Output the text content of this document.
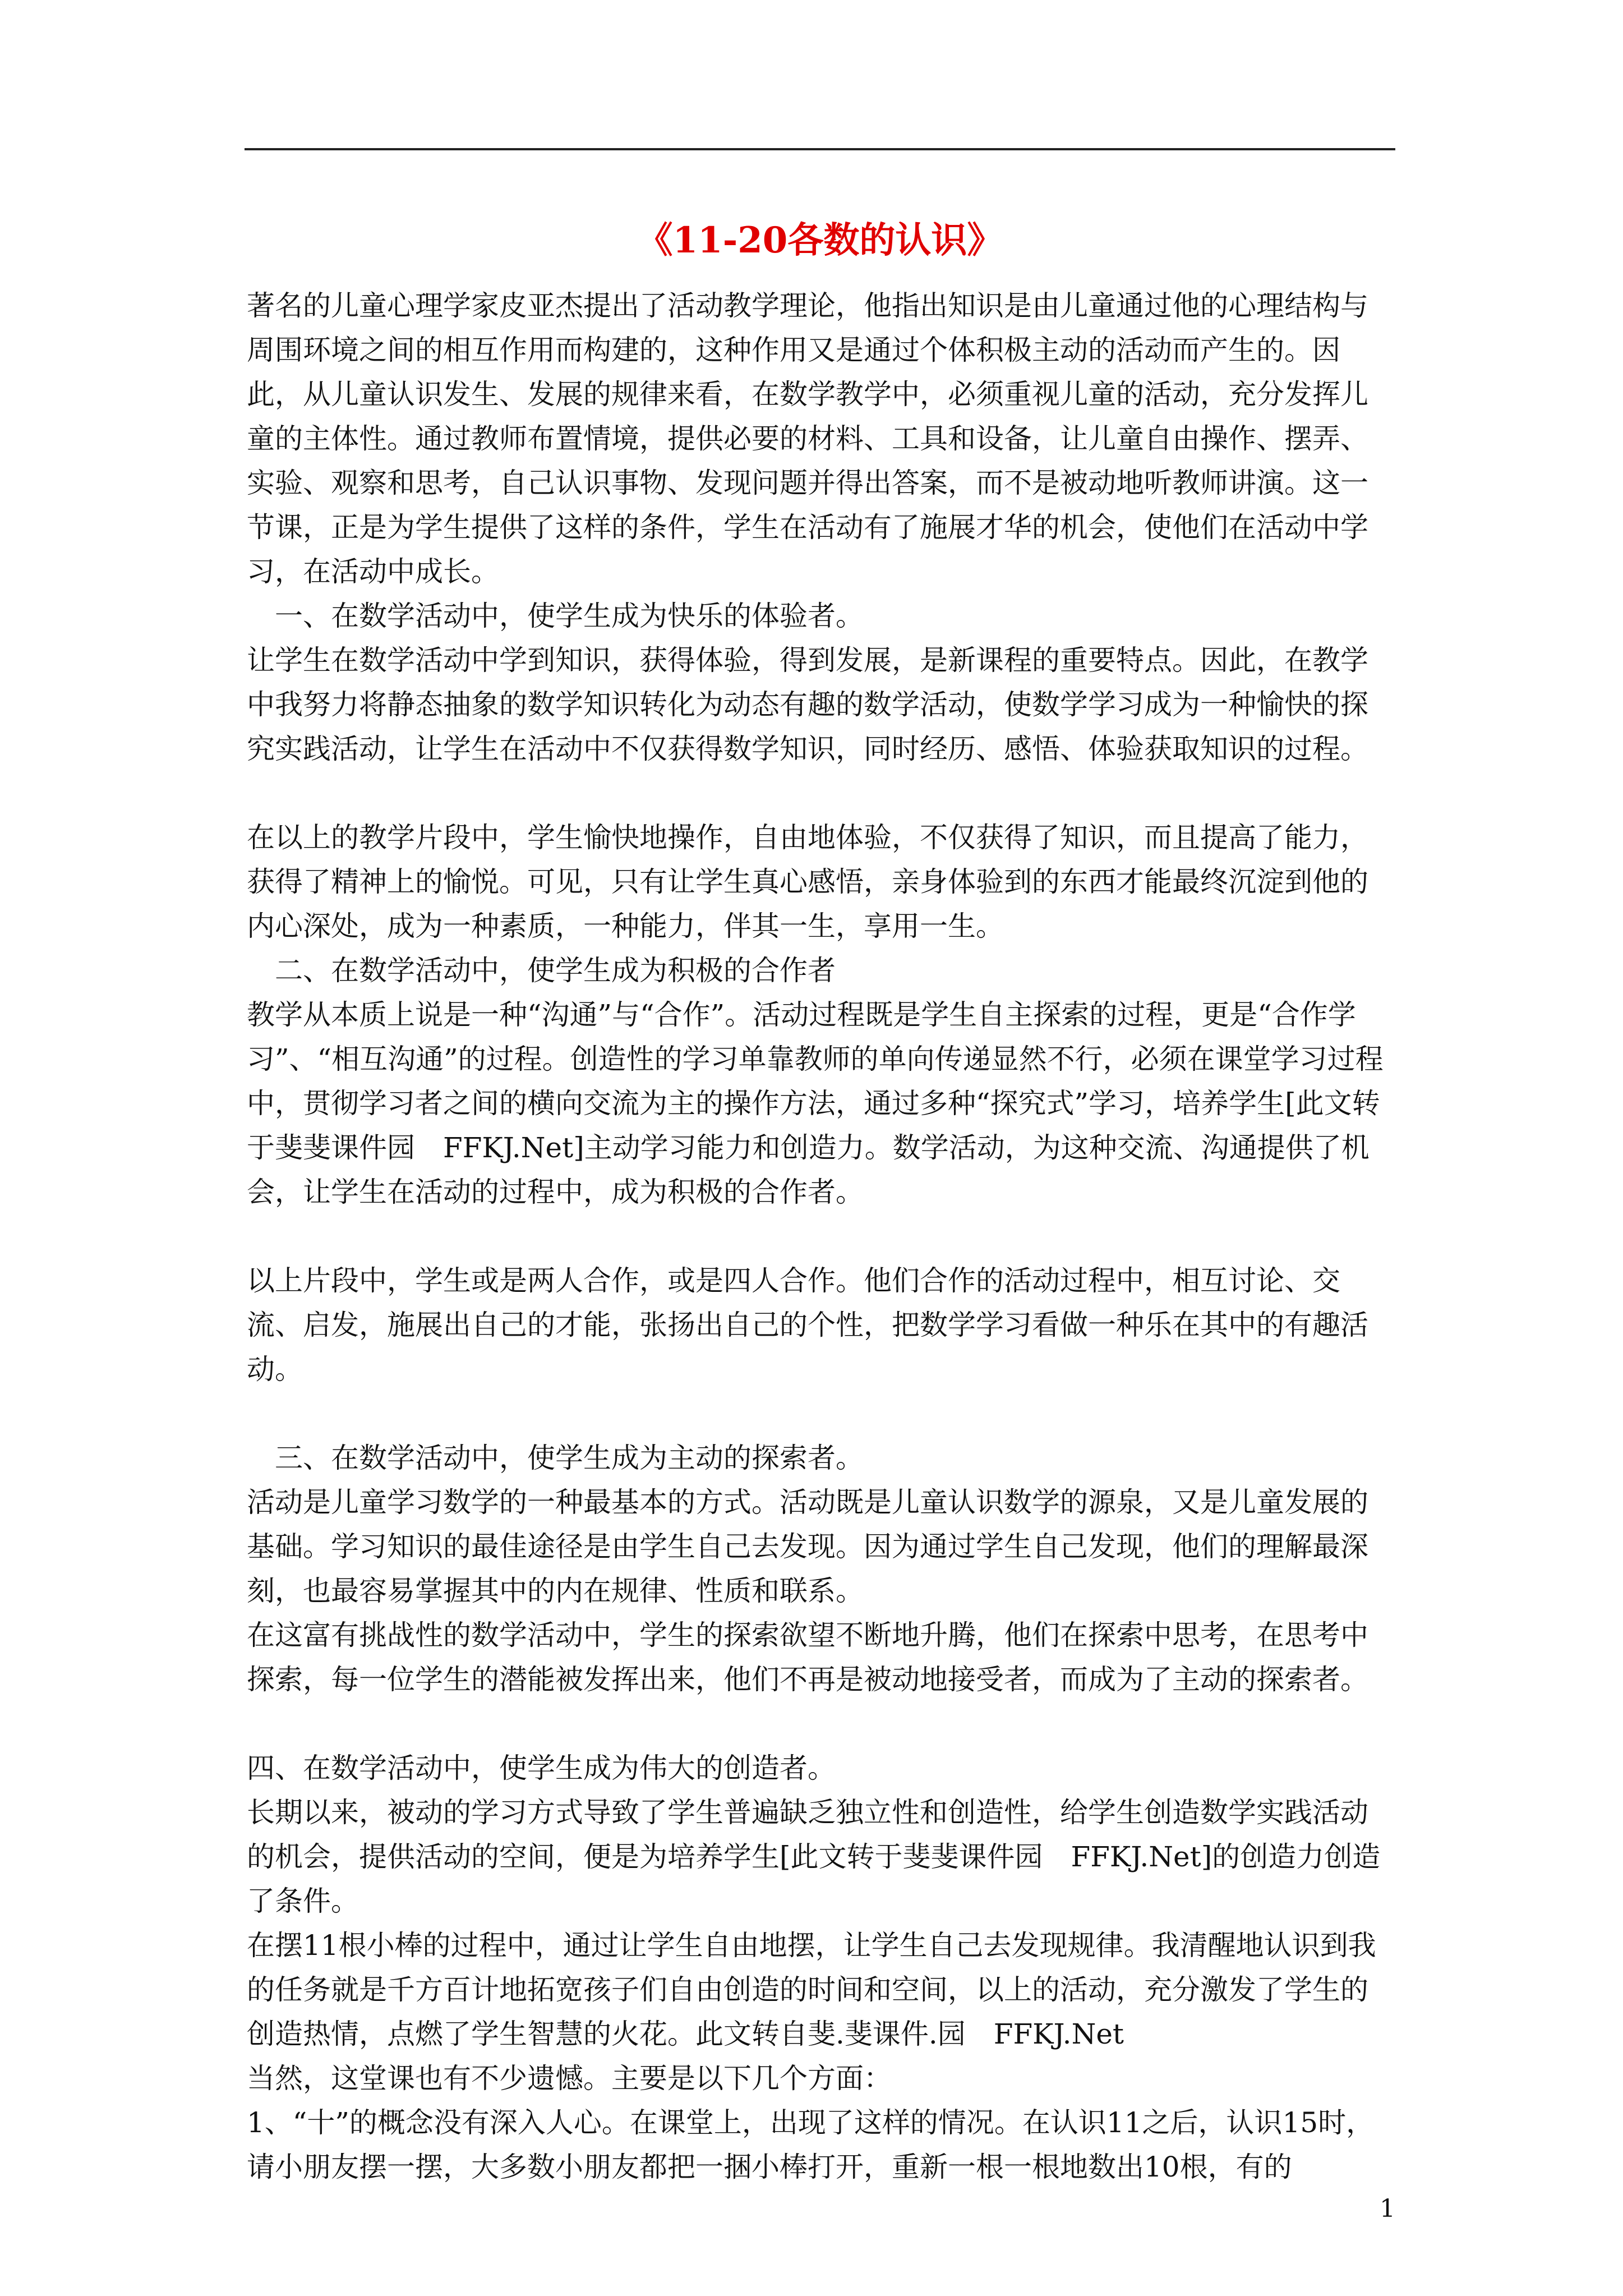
《11-20各数的认识》

著名的儿童心理学家皮亚杰提出了活动教学理论，他指出知识是由儿童通过他的心理结构与周围环境之间的相互作用而构建的，这种作用又是通过个体积极主动的活动而产生的。因此，从儿童认识发生、发展的规律来看，在数学教学中，必须重视儿童的活动，充分发挥儿童的主体性。通过教师布置情境，提供必要的材料、工具和设备，让儿童自由操作、摆弄、实验、观察和思考，自己认识事物、发现问题并得出答案，而不是被动地听教师讲演。这一节课，正是为学生提供了这样的条件，学生在活动有了施展才华的机会，使他们在活动中学习，在活动中成长。

一、在数学活动中，使学生成为快乐的体验者。

让学生在数学活动中学到知识，获得体验，得到发展，是新课程的重要特点。因此，在教学中我努力将静态抽象的数学知识转化为动态有趣的数学活动，使数学学习成为一种愉快的探究实践活动，让学生在活动中不仅获得数学知识，同时经历、感悟、体验获取知识的过程。

在以上的教学片段中，学生愉快地操作，自由地体验，不仅获得了知识，而且提高了能力，获得了精神上的愉悦。可见，只有让学生真心感悟，亲身体验到的东西才能最终沉淀到他的内心深处，成为一种素质，一种能力，伴其一生，享用一生。

二、在数学活动中，使学生成为积极的合作者

教学从本质上说是一种“沟通”与“合作”。活动过程既是学生自主探索的过程，更是“合作学习”、“相互沟通”的过程。创造性的学习单靠教师的单向传递显然不行，必须在课堂学习过程中，贯彻学习者之间的横向交流为主的操作方法，通过多种“探究式”学习，培养学生[此文转于斐斐课件园　FFKJ.Net]主动学习能力和创造力。数学活动，为这种交流、沟通提供了机会，让学生在活动的过程中，成为积极的合作者。

以上片段中，学生或是两人合作，或是四人合作。他们合作的活动过程中，相互讨论、交流、启发，施展出自己的才能，张扬出自己的个性，把数学学习看做一种乐在其中的有趣活动。

三、在数学活动中，使学生成为主动的探索者。

活动是儿童学习数学的一种最基本的方式。活动既是儿童认识数学的源泉，又是儿童发展的基础。学习知识的最佳途径是由学生自己去发现。因为通过学生自己发现，他们的理解最深刻，也最容易掌握其中的内在规律、性质和联系。

在这富有挑战性的数学活动中，学生的探索欲望不断地升腾，他们在探索中思考，在思考中探索，每一位学生的潜能被发挥出来，他们不再是被动地接受者，而成为了主动的探索者。

四、在数学活动中，使学生成为伟大的创造者。

长期以来，被动的学习方式导致了学生普遍缺乏独立性和创造性，给学生创造数学实践活动的机会，提供活动的空间，便是为培养学生[此文转于斐斐课件园　FFKJ.Net]的创造力创造了条件。

在摆11根小棒的过程中，通过让学生自由地摆，让学生自己去发现规律。我清醒地认识到我的任务就是千方百计地拓宽孩子们自由创造的时间和空间，以上的活动，充分激发了学生的创造热情，点燃了学生智慧的火花。此文转自斐.斐课件.园　FFKJ.Net

当然，这堂课也有不少遗憾。主要是以下几个方面：

1、“十”的概念没有深入人心。在课堂上，出现了这样的情况。在认识11之后，认识15时，请小朋友摆一摆，大多数小朋友都把一捆小棒打开，重新一根一根地数出10根，有的

1
